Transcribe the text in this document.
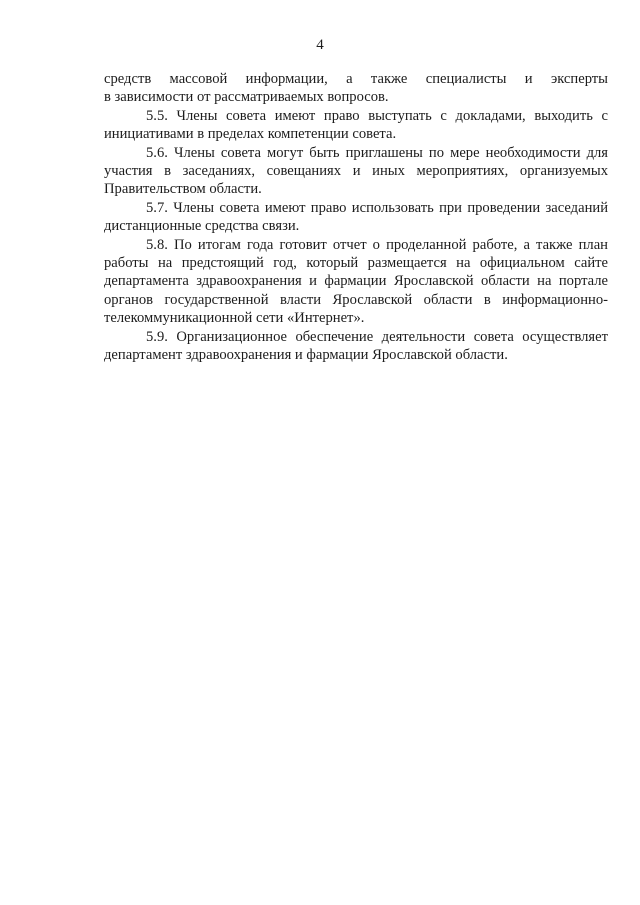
4

средств массовой информации, а также специалисты и эксперты
в зависимости от рассматриваемых вопросов.

5.5. Члены совета имеют право выступать с докладами, выходить с инициативами в пределах компетенции совета.

5.6. Члены совета могут быть приглашены по мере необходимости для участия в заседаниях, совещаниях и иных мероприятиях, организуемых Правительством области.

5.7. Члены совета имеют право использовать при проведении заседаний дистанционные средства связи.

5.8. По итогам года готовит отчет о проделанной работе, а также план работы на предстоящий год, который размещается на официальном сайте департамента здравоохранения и фармации Ярославской области на портале органов государственной власти Ярославской области в информационно-телекоммуникационной сети «Интернет».

5.9. Организационное обеспечение деятельности совета осуществляет департамент здравоохранения и фармации Ярославской области.
